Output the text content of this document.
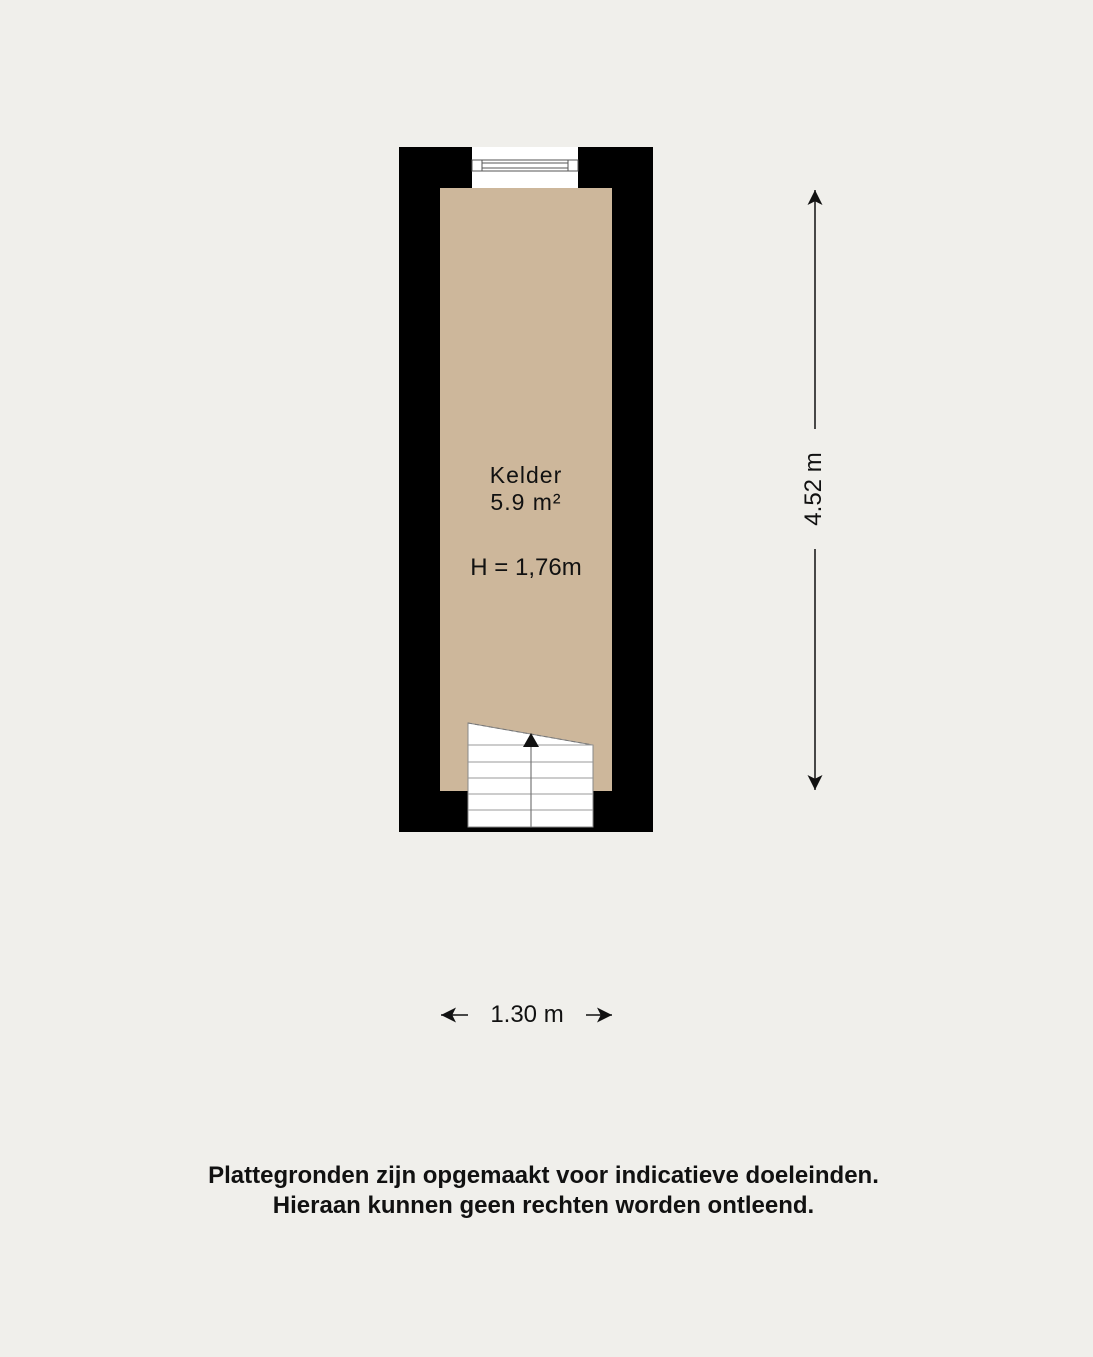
Kelder
5.9 m²
H = 1,76m
4.52 m
1.30 m
Plattegronden zijn opgemaakt voor indicatieve doeleinden.
Hieraan kunnen geen rechten worden ontleend.
